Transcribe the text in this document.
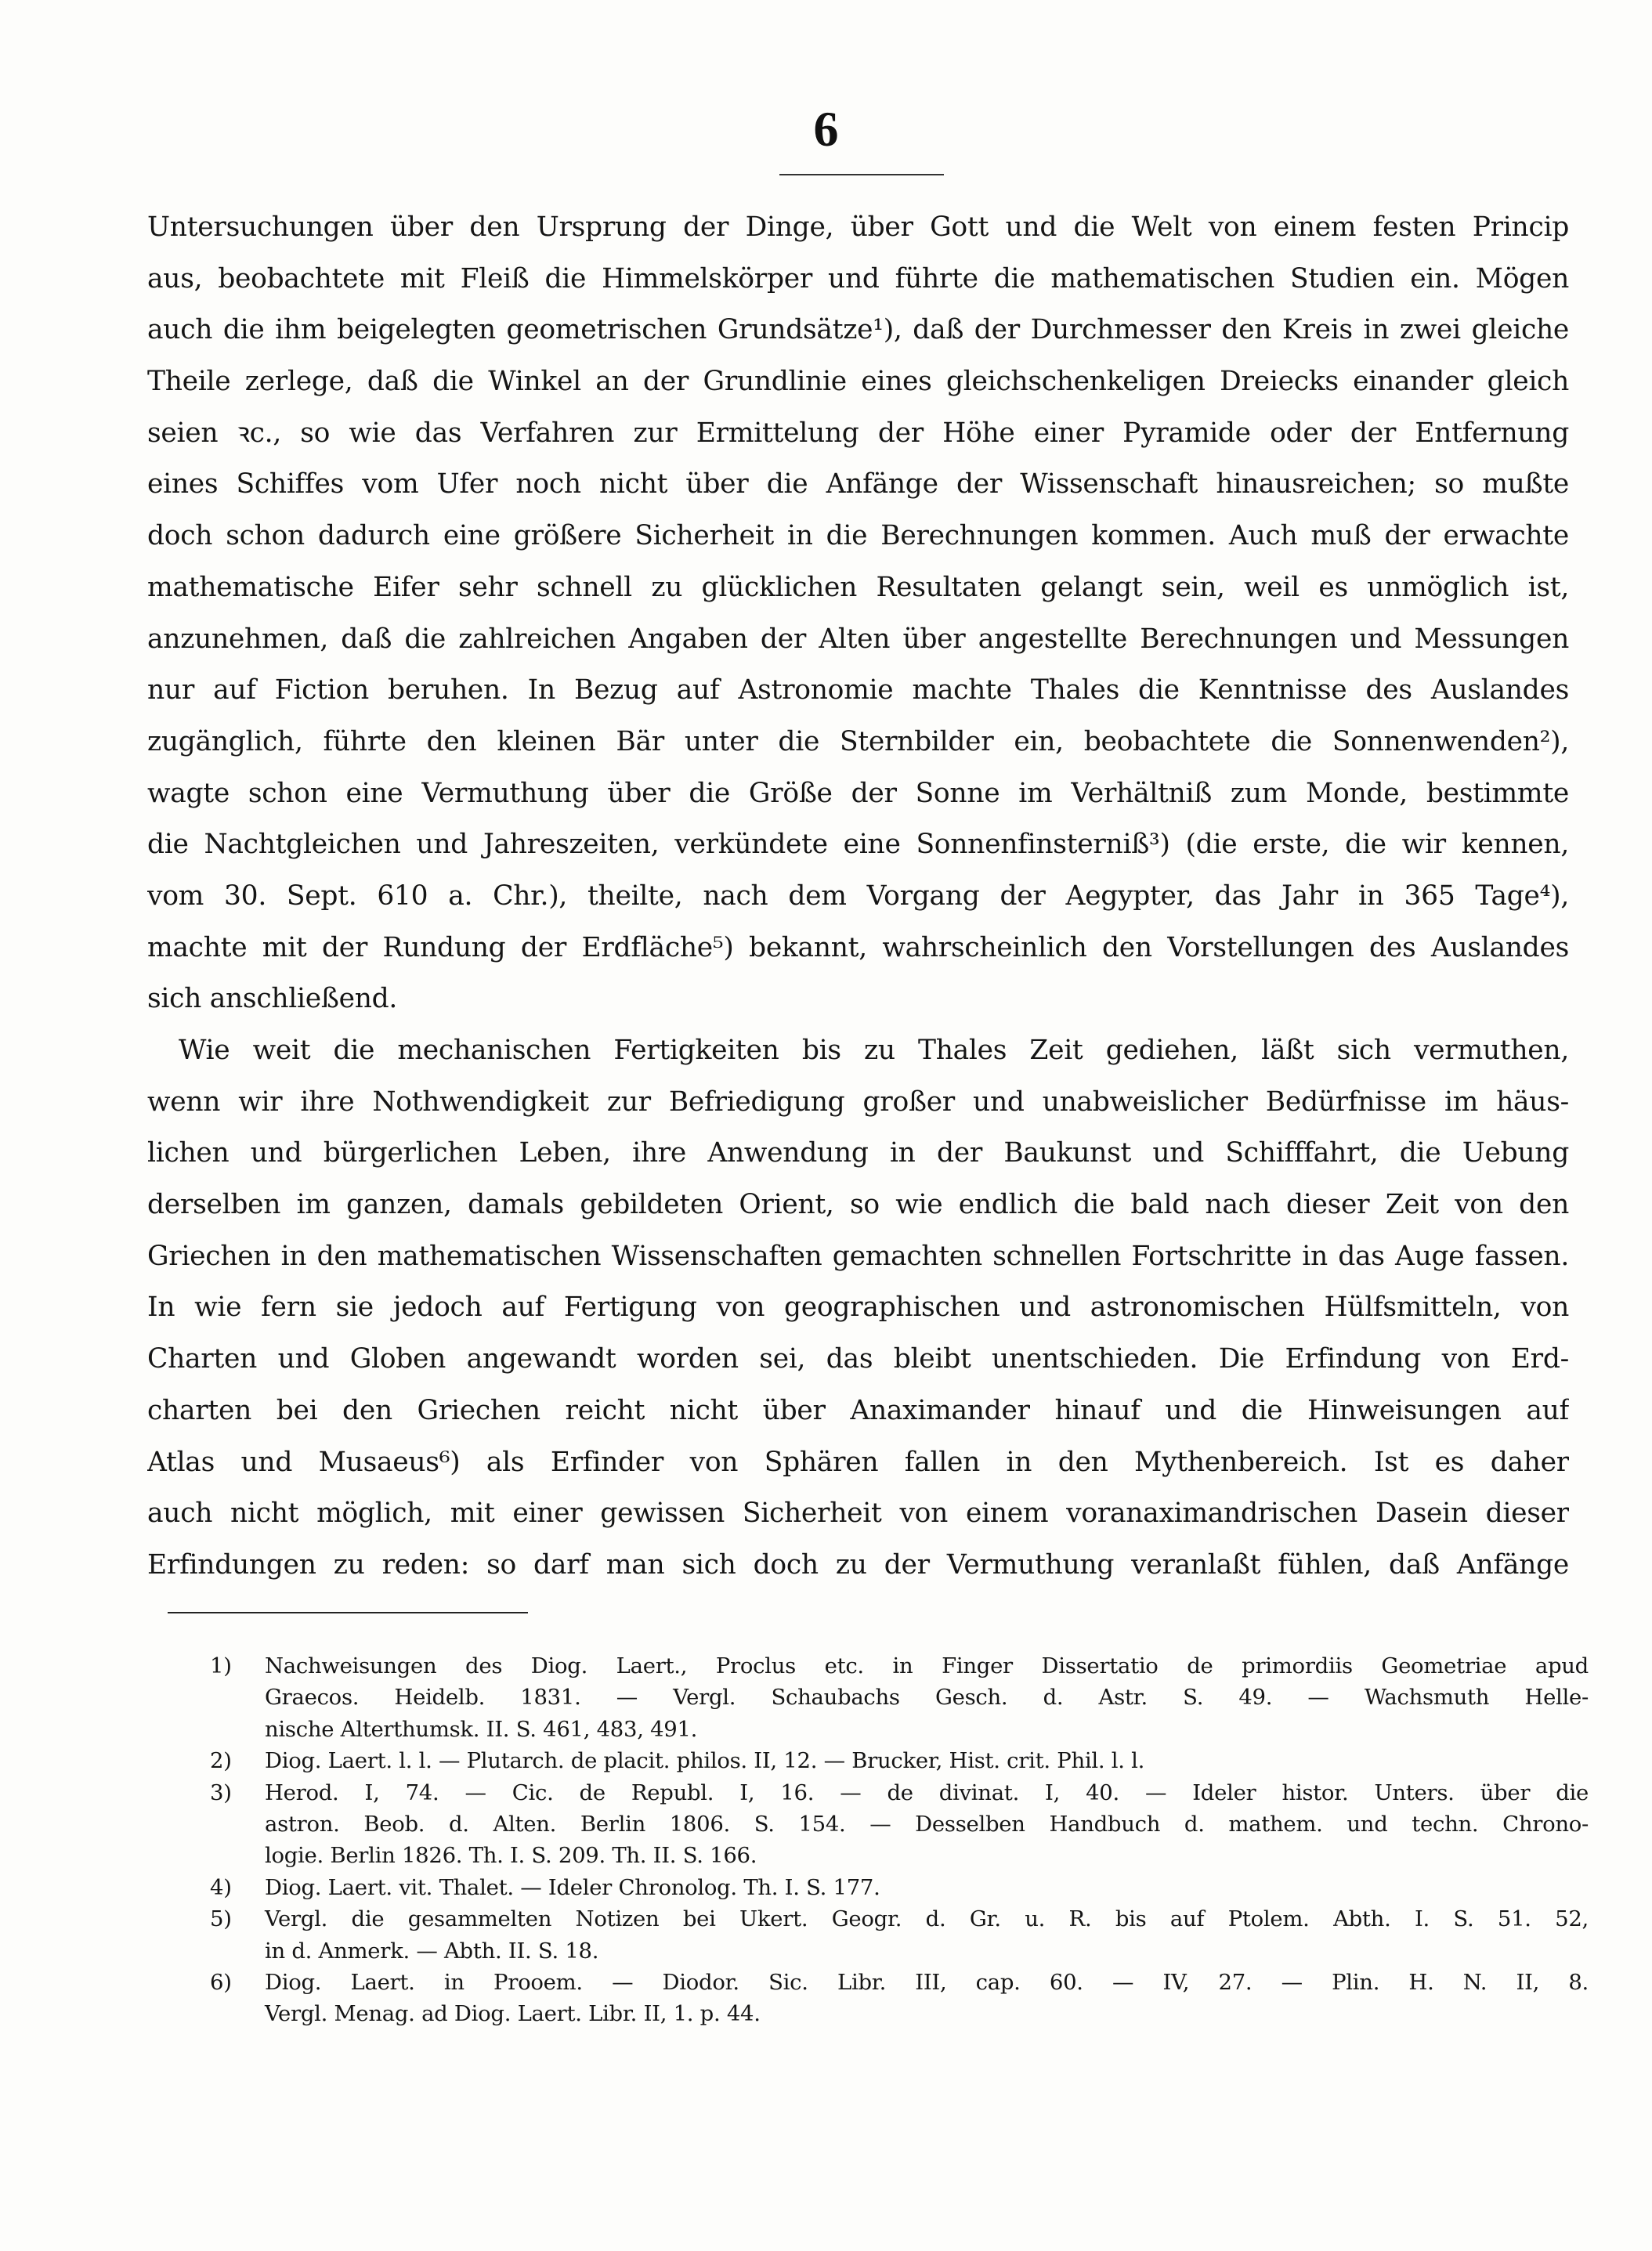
6
Untersuchungen über den Ursprung der Dinge, über Gott und die Welt von einem festen Princip
aus, beobachtete mit Fleiß die Himmelskörper und führte die mathematischen Studien ein. Mögen
auch die ihm beigelegten geometrischen Grundsätze¹), daß der Durchmesser den Kreis in zwei gleiche
Theile zerlege, daß die Winkel an der Grundlinie eines gleichschenkeligen Dreiecks einander gleich
seien ꝛc., so wie das Verfahren zur Ermittelung der Höhe einer Pyramide oder der Entfernung
eines Schiffes vom Ufer noch nicht über die Anfänge der Wissenschaft hinausreichen; so mußte
doch schon dadurch eine größere Sicherheit in die Berechnungen kommen. Auch muß der erwachte
mathematische Eifer sehr schnell zu glücklichen Resultaten gelangt sein, weil es unmöglich ist,
anzunehmen, daß die zahlreichen Angaben der Alten über angestellte Berechnungen und Messungen
nur auf Fiction beruhen. In Bezug auf Astronomie machte Thales die Kenntnisse des Auslandes
zugänglich, führte den kleinen Bär unter die Sternbilder ein, beobachtete die Sonnenwenden²),
wagte schon eine Vermuthung über die Größe der Sonne im Verhältniß zum Monde, bestimmte
die Nachtgleichen und Jahreszeiten, verkündete eine Sonnenfinsterniß³) (die erste, die wir kennen,
vom 30. Sept. 610 a. Chr.), theilte, nach dem Vorgang der Aegypter, das Jahr in 365 Tage⁴),
machte mit der Rundung der Erdfläche⁵) bekannt, wahrscheinlich den Vorstellungen des Auslandes
sich anschließend.
Wie weit die mechanischen Fertigkeiten bis zu Thales Zeit gediehen, läßt sich vermuthen,
wenn wir ihre Nothwendigkeit zur Befriedigung großer und unabweislicher Bedürfnisse im häus-
lichen und bürgerlichen Leben, ihre Anwendung in der Baukunst und Schifffahrt, die Uebung
derselben im ganzen, damals gebildeten Orient, so wie endlich die bald nach dieser Zeit von den
Griechen in den mathematischen Wissenschaften gemachten schnellen Fortschritte in das Auge fassen.
In wie fern sie jedoch auf Fertigung von geographischen und astronomischen Hülfsmitteln, von
Charten und Globen angewandt worden sei, das bleibt unentschieden. Die Erfindung von Erd-
charten bei den Griechen reicht nicht über Anaximander hinauf und die Hinweisungen auf
Atlas und Musaeus⁶) als Erfinder von Sphären fallen in den Mythenbereich. Ist es daher
auch nicht möglich, mit einer gewissen Sicherheit von einem voranaximandrischen Dasein dieser
Erfindungen zu reden: so darf man sich doch zu der Vermuthung veranlaßt fühlen, daß Anfänge
1)	Nachweisungen des Diog. Laert., Proclus etc. in Finger Dissertatio de primordiis Geometriae apud
Graecos. Heidelb. 1831. — Vergl. Schaubachs Gesch. d. Astr. S. 49. — Wachsmuth Helle-
nische Alterthumsk. II. S. 461, 483, 491.
2)	Diog. Laert. l. l. — Plutarch. de placit. philos. II, 12. — Brucker, Hist. crit. Phil. l. l.
3)	Herod. I, 74. — Cic. de Republ. I, 16. — de divinat. I, 40. — Ideler histor. Unters. über die
astron. Beob. d. Alten. Berlin 1806. S. 154. — Desselben Handbuch d. mathem. und techn. Chrono-
logie. Berlin 1826. Th. I. S. 209. Th. II. S. 166.
4)	Diog. Laert. vit. Thalet. — Ideler Chronolog. Th. I. S. 177.
5)	Vergl. die gesammelten Notizen bei Ukert. Geogr. d. Gr. u. R. bis auf Ptolem. Abth. I. S. 51. 52,
in d. Anmerk. — Abth. II. S. 18.
6)	Diog. Laert. in Prooem. — Diodor. Sic. Libr. III, cap. 60. — IV, 27. — Plin. H. N. II, 8.
Vergl. Menag. ad Diog. Laert. Libr. II, 1. p. 44.
